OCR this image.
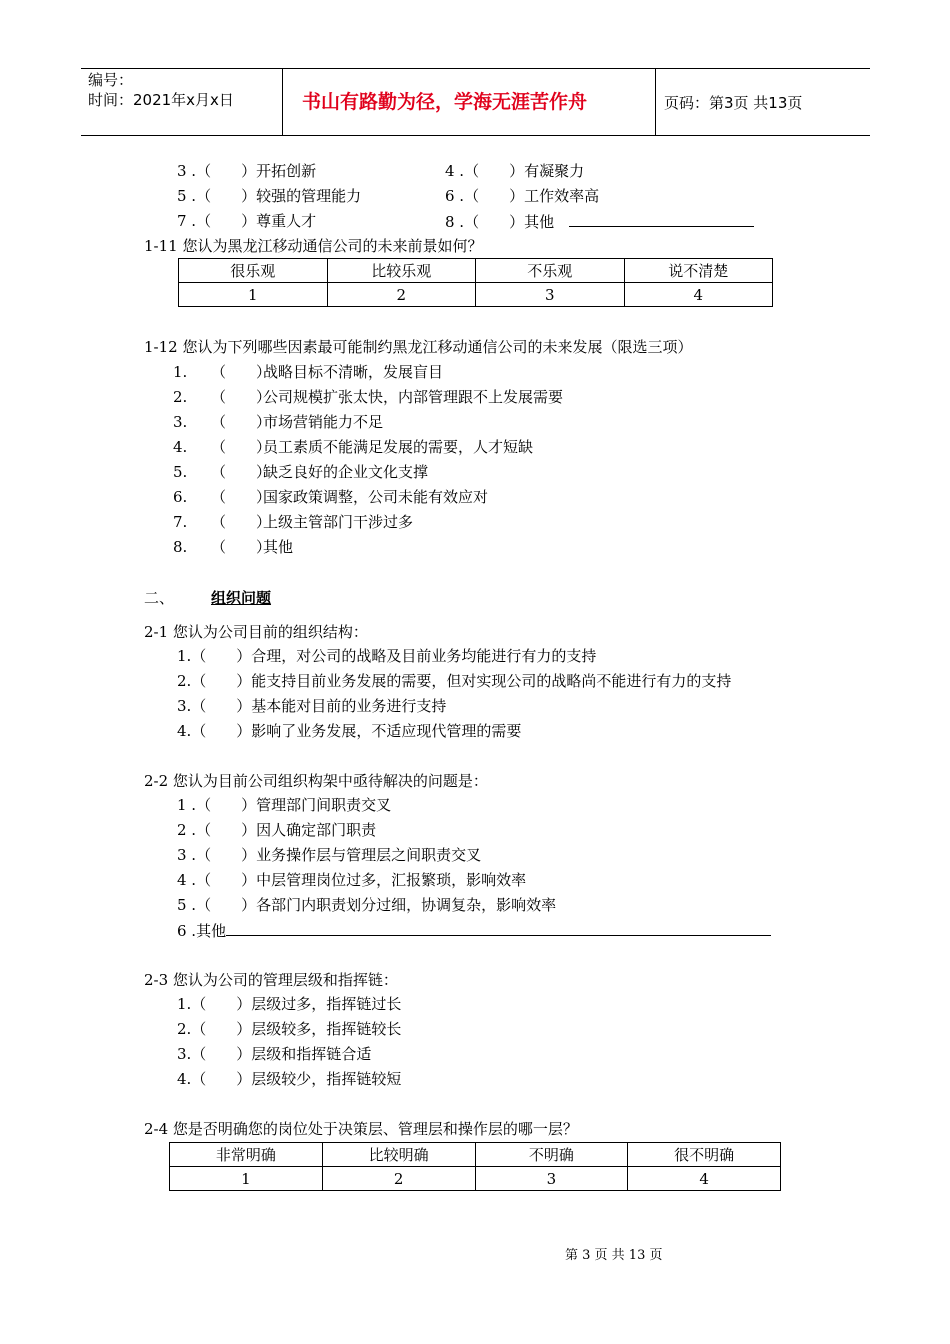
编号：
时间：2021年x月x日	书山有路勤为径，学海无涯苦作舟	页码：第3页 共13页
3 .（　　）开拓创新	4 .（　　）有凝聚力
5 .（　　）较强的管理能力	6 .（　　）工作效率高
7 .（　　）尊重人才	8 .（　　）其他
1-11 您认为黑龙江移动通信公司的未来前景如何？
很乐观	比较乐观	不乐观	说不清楚
1	2	3	4
1-12 您认为下列哪些因素最可能制约黑龙江移动通信公司的未来发展（限选三项）
1. （　　）战略目标不清晰，发展盲目
2. （　　）公司规模扩张太快，内部管理跟不上发展需要
3. （　　）市场营销能力不足
4. （　　）员工素质不能满足发展的需要，人才短缺
5. （　　）缺乏良好的企业文化支撑
6. （　　）国家政策调整，公司未能有效应对
7. （　　）上级主管部门干涉过多
8. （　　）其他
二、 组织问题
2-1 您认为公司目前的组织结构：
1.（　　）合理，对公司的战略及目前业务均能进行有力的支持
2.（　　）能支持目前业务发展的需要，但对实现公司的战略尚不能进行有力的支持
3.（　　）基本能对目前的业务进行支持
4.（　　）影响了业务发展，不适应现代管理的需要
2-2 您认为目前公司组织构架中亟待解决的问题是：
1 .（　　）管理部门间职责交叉
2 .（　　）因人确定部门职责
3 .（　　）业务操作层与管理层之间职责交叉
4 .（　　）中层管理岗位过多，汇报繁琐，影响效率
5 .（　　）各部门内职责划分过细，协调复杂，影响效率
6 .其他
2-3 您认为公司的管理层级和指挥链：
1.（　　）层级过多，指挥链过长
2.（　　）层级较多，指挥链较长
3.（　　）层级和指挥链合适
4.（　　）层级较少，指挥链较短
2-4 您是否明确您的岗位处于决策层、管理层和操作层的哪一层？
非常明确	比较明确	不明确	很不明确
1	2	3	4
第 3 页 共 13 页
